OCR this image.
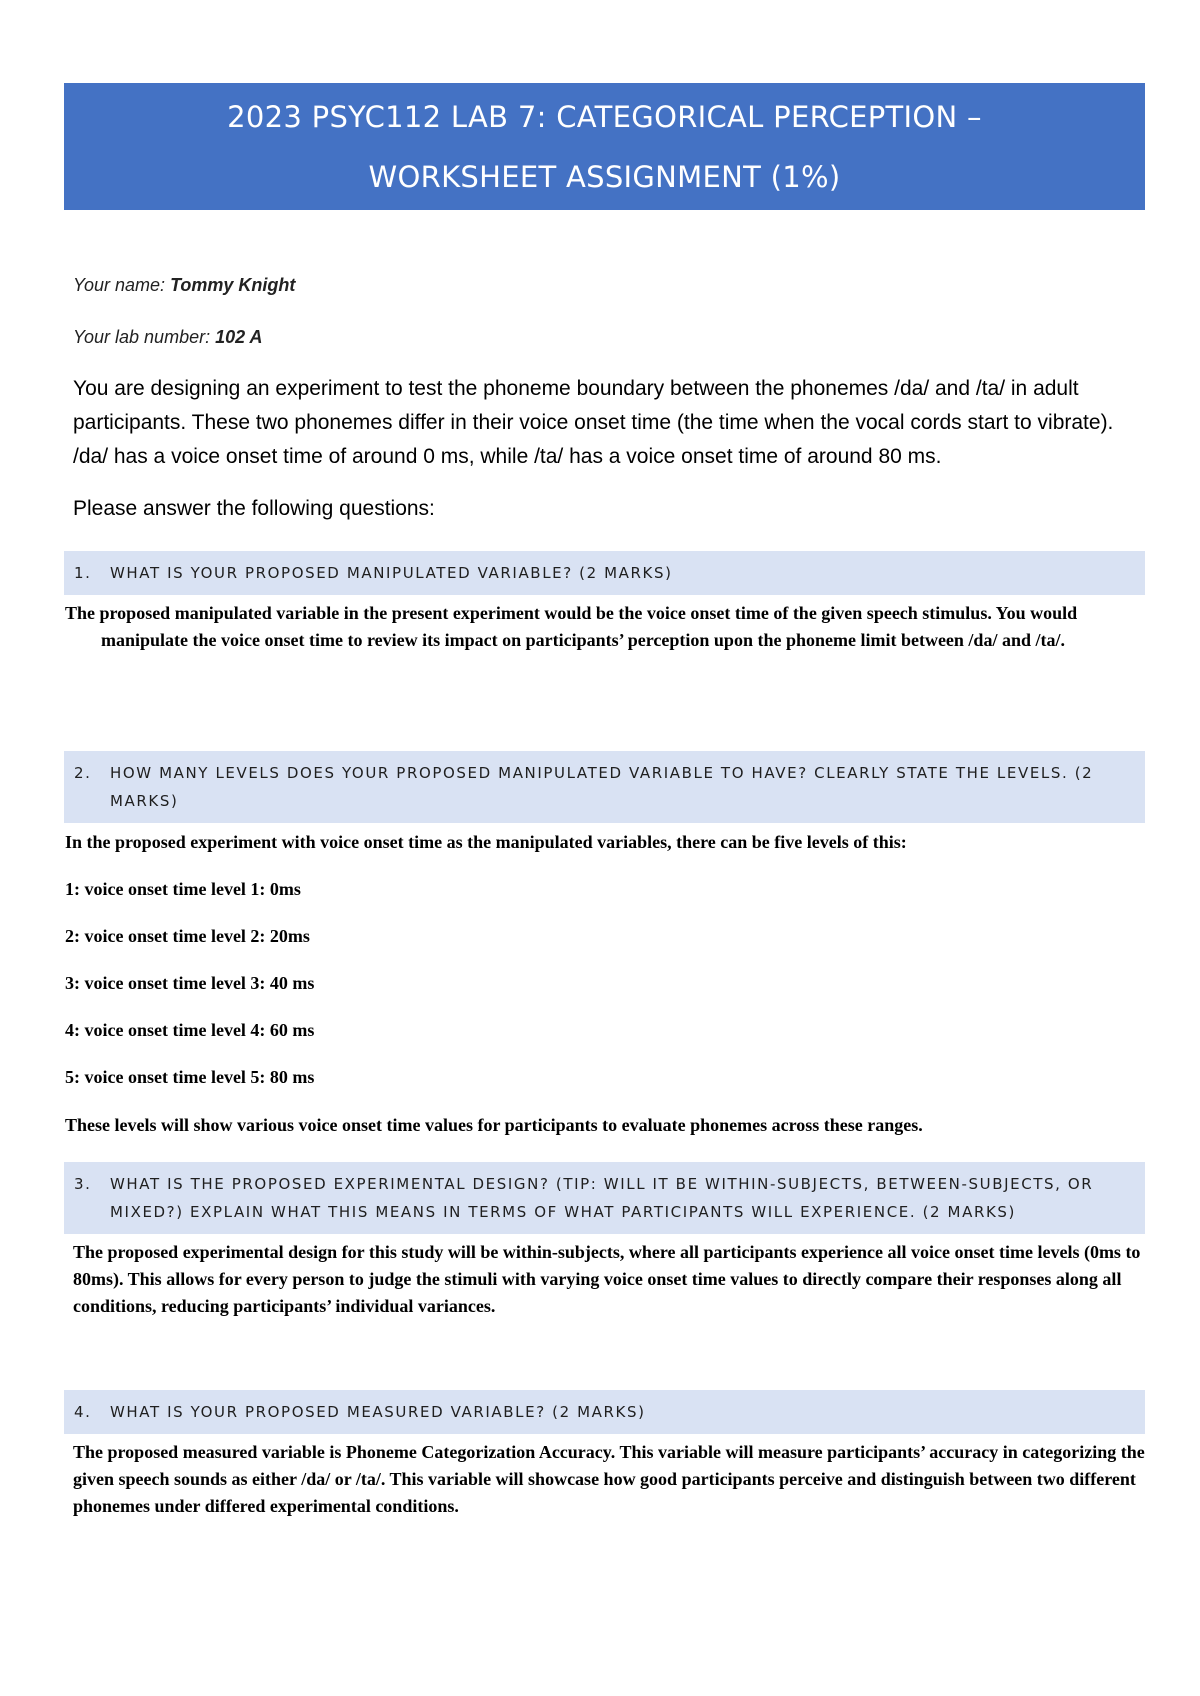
2023 PSYC112 LAB 7: CATEGORICAL PERCEPTION –
WORKSHEET ASSIGNMENT (1%)
Your name: Tommy Knight
Your lab number: 102 A

You are designing an experiment to test the phoneme boundary between the phonemes /da/ and /ta/ in adult participants. These two phonemes differ in their voice onset time (the time when the vocal cords start to vibrate). /da/ has a voice onset time of around 0 ms, while /ta/ has a voice onset time of around 80 ms.

Please answer the following questions:

1. WHAT IS YOUR PROPOSED MANIPULATED VARIABLE? (2 MARKS)

The proposed manipulated variable in the present experiment would be the voice onset time of the given speech stimulus. You would manipulate the voice onset time to review its impact on participants’ perception upon the phoneme limit between /da/ and /ta/.

2. HOW MANY LEVELS DOES YOUR PROPOSED MANIPULATED VARIABLE TO HAVE? CLEARLY STATE THE LEVELS. (2 MARKS)

In the proposed experiment with voice onset time as the manipulated variables, there can be five levels of this:

1: voice onset time level 1: 0ms

2: voice onset time level 2: 20ms

3: voice onset time level 3: 40 ms

4: voice onset time level 4: 60 ms

5: voice onset time level 5: 80 ms

These levels will show various voice onset time values for participants to evaluate phonemes across these ranges.

3. WHAT IS THE PROPOSED EXPERIMENTAL DESIGN? (TIP: WILL IT BE WITHIN-SUBJECTS, BETWEEN-SUBJECTS, OR MIXED?) EXPLAIN WHAT THIS MEANS IN TERMS OF WHAT PARTICIPANTS WILL EXPERIENCE. (2 MARKS)

The proposed experimental design for this study will be within-subjects, where all participants experience all voice onset time levels (0ms to 80ms). This allows for every person to judge the stimuli with varying voice onset time values to directly compare their responses along all conditions, reducing participants’ individual variances.

4. WHAT IS YOUR PROPOSED MEASURED VARIABLE? (2 MARKS)

The proposed measured variable is Phoneme Categorization Accuracy. This variable will measure participants’ accuracy in categorizing the given speech sounds as either /da/ or /ta/. This variable will showcase how good participants perceive and distinguish between two different phonemes under differed experimental conditions.
